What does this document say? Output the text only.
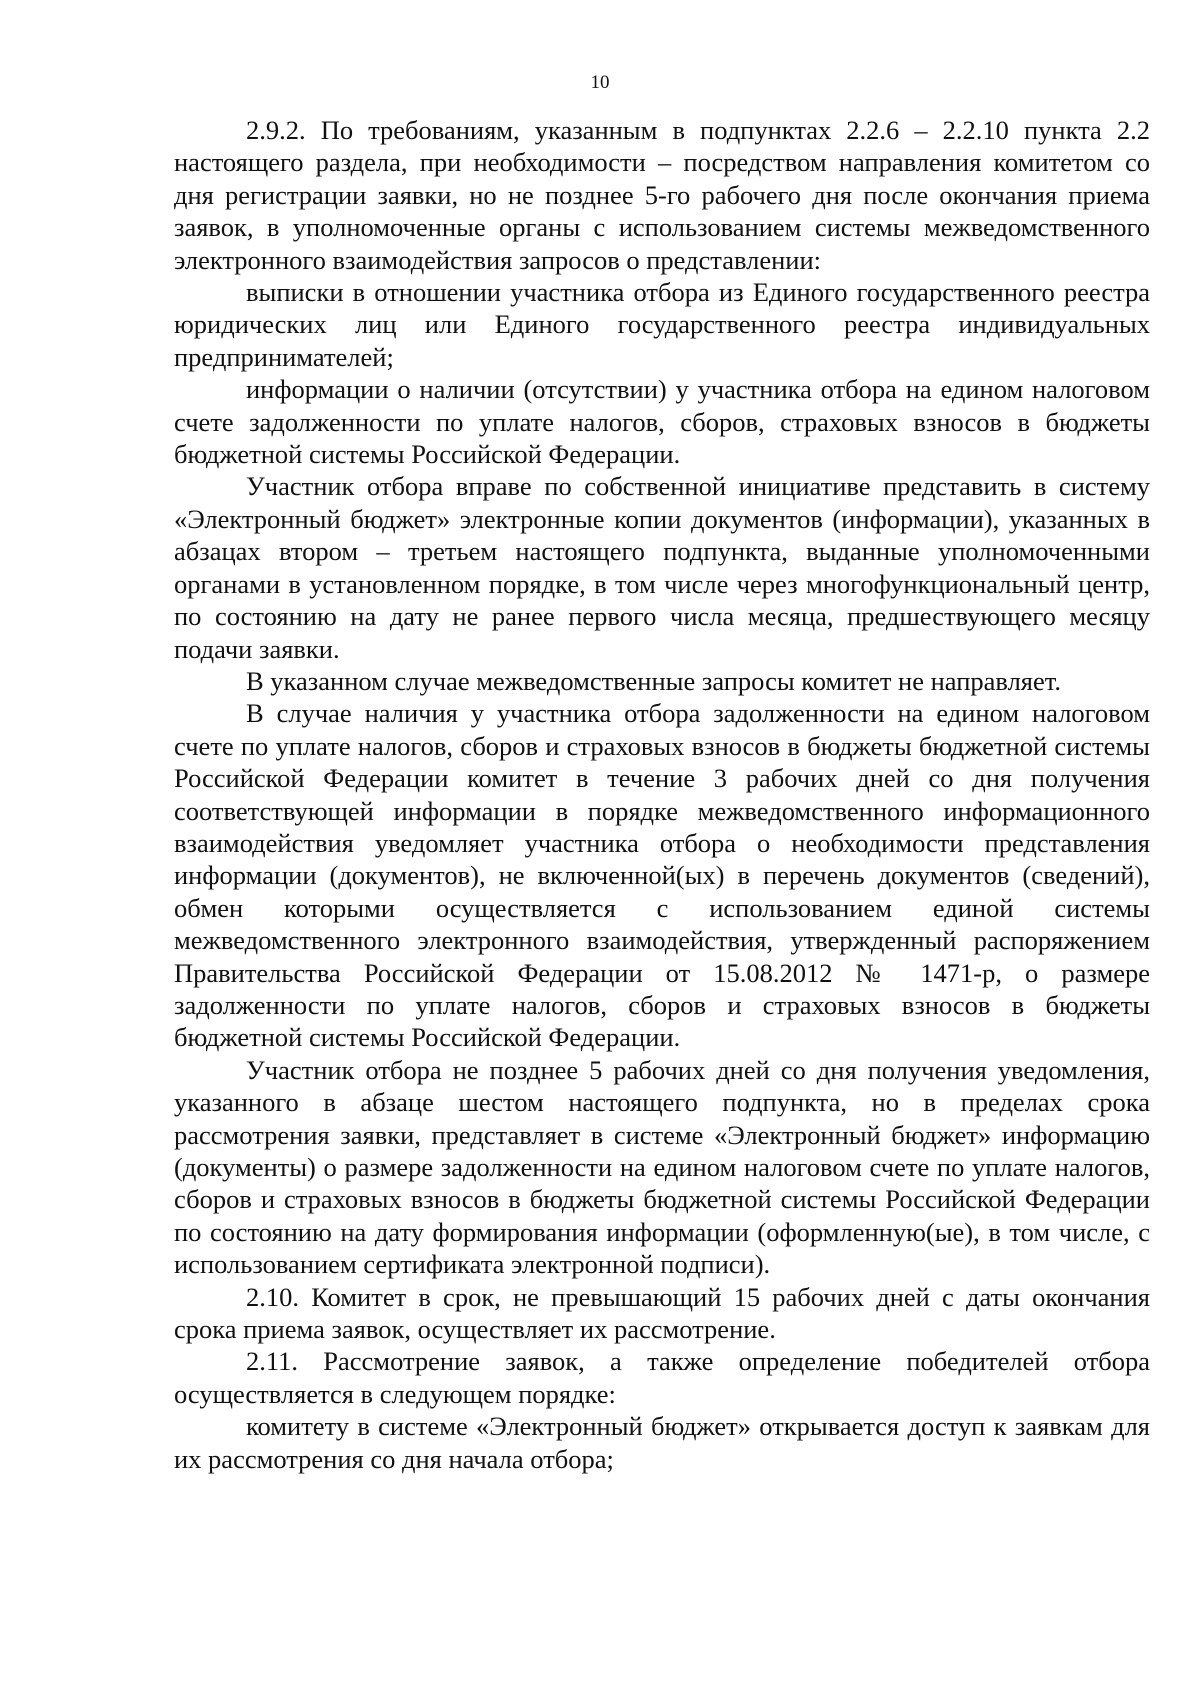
10

2.9.2. По требованиям, указанным в подпунктах 2.2.6 – 2.2.10 пункта 2.2 настоящего раздела, при необходимости – посредством направления комитетом со дня регистрации заявки, но не позднее 5-го рабочего дня после окончания приема заявок, в уполномоченные органы с использованием системы межведомственного электронного взаимодействия запросов о представлении:

выписки в отношении участника отбора из Единого государственного реестра юридических лиц или Единого государственного реестра индивидуальных предпринимателей;

информации о наличии (отсутствии) у участника отбора на едином налоговом счете задолженности по уплате налогов, сборов, страховых взносов в бюджеты бюджетной системы Российской Федерации.

Участник отбора вправе по собственной инициативе представить в систему «Электронный бюджет» электронные копии документов (информации), указанных в абзацах втором – третьем настоящего подпункта, выданные уполномоченными органами в установленном порядке, в том числе через многофункциональный центр, по состоянию на дату не ранее первого числа месяца, предшествующего месяцу подачи заявки.

В указанном случае межведомственные запросы комитет не направляет.

В случае наличия у участника отбора задолженности на едином налоговом счете по уплате налогов, сборов и страховых взносов в бюджеты бюджетной системы Российской Федерации комитет в течение 3 рабочих дней со дня получения соответствующей информации в порядке межведомственного информационного взаимодействия уведомляет участника отбора о необходимости представления информации (документов), не включенной(ых) в перечень документов (сведений), обмен которыми осуществляется с использованием единой системы межведомственного электронного взаимодействия, утвержденный распоряжением Правительства Российской Федерации от 15.08.2012 № 1471-р, о размере задолженности по уплате налогов, сборов и страховых взносов в бюджеты бюджетной системы Российской Федерации.

Участник отбора не позднее 5 рабочих дней со дня получения уведомления, указанного в абзаце шестом настоящего подпункта, но в пределах срока рассмотрения заявки, представляет в системе «Электронный бюджет» информацию (документы) о размере задолженности на едином налоговом счете по уплате налогов, сборов и страховых взносов в бюджеты бюджетной системы Российской Федерации по состоянию на дату формирования информации (оформленную(ые), в том числе, с использованием сертификата электронной подписи).

2.10. Комитет в срок, не превышающий 15 рабочих дней с даты окончания срока приема заявок, осуществляет их рассмотрение.

2.11. Рассмотрение заявок, а также определение победителей отбора осуществляется в следующем порядке:

комитету в системе «Электронный бюджет» открывается доступ к заявкам для их рассмотрения со дня начала отбора;
